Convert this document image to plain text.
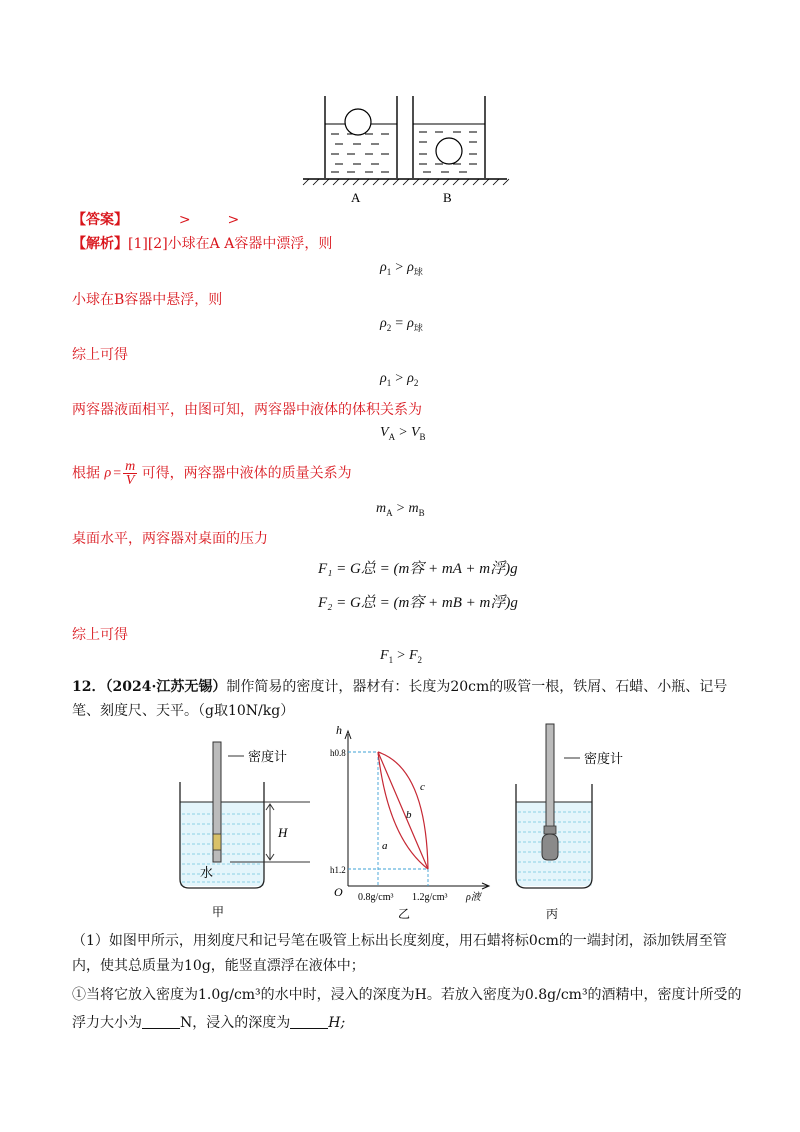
A	B
【答案】	>	>
【解析】[1][2]小球在A A容器中漂浮，则
$\rho_1 > \rho_球$
小球在B容器中悬浮，则
$\rho_2 = \rho_球$
综上可得
$\rho_1 > \rho_2$
两容器液面相平，由图可知，两容器中液体的体积关系为
$V_A > V_B$
根据 $\rho = \frac{m}{V}$ 可得，两容器中液体的质量关系为
$m_A > m_B$
桌面水平，两容器对桌面的压力
F₁ = G总 = (m容 + mA + m浮)g
F₂ = G总 = (m容 + mB + m浮)g
综上可得
$F_1 > F_2$
12．（2024·江苏无锡）制作简易的密度计，器材有：长度为20cm的吸管一根，铁屑、石蜡、小瓶、记号
笔、刻度尺、天平。（g取10N/kg）
密度计
H
水
甲
h
h0.8
h1.2
O
a
b
c
0.8g/cm³ 1.2g/cm³ ρ液
乙
密度计
丙
（1）如图甲所示，用刻度尺和记号笔在吸管上标出长度刻度，用石蜡将标0cm的一端封闭，添加铁屑至管
内，使其总质量为10g，能竖直漂浮在液体中；
①当将它放入密度为1.0g/cm³的水中时，浸入的深度为H。若放入密度为0.8g/cm³的酒精中，密度计所受的
浮力大小为	N，浸入的深度为	H;
